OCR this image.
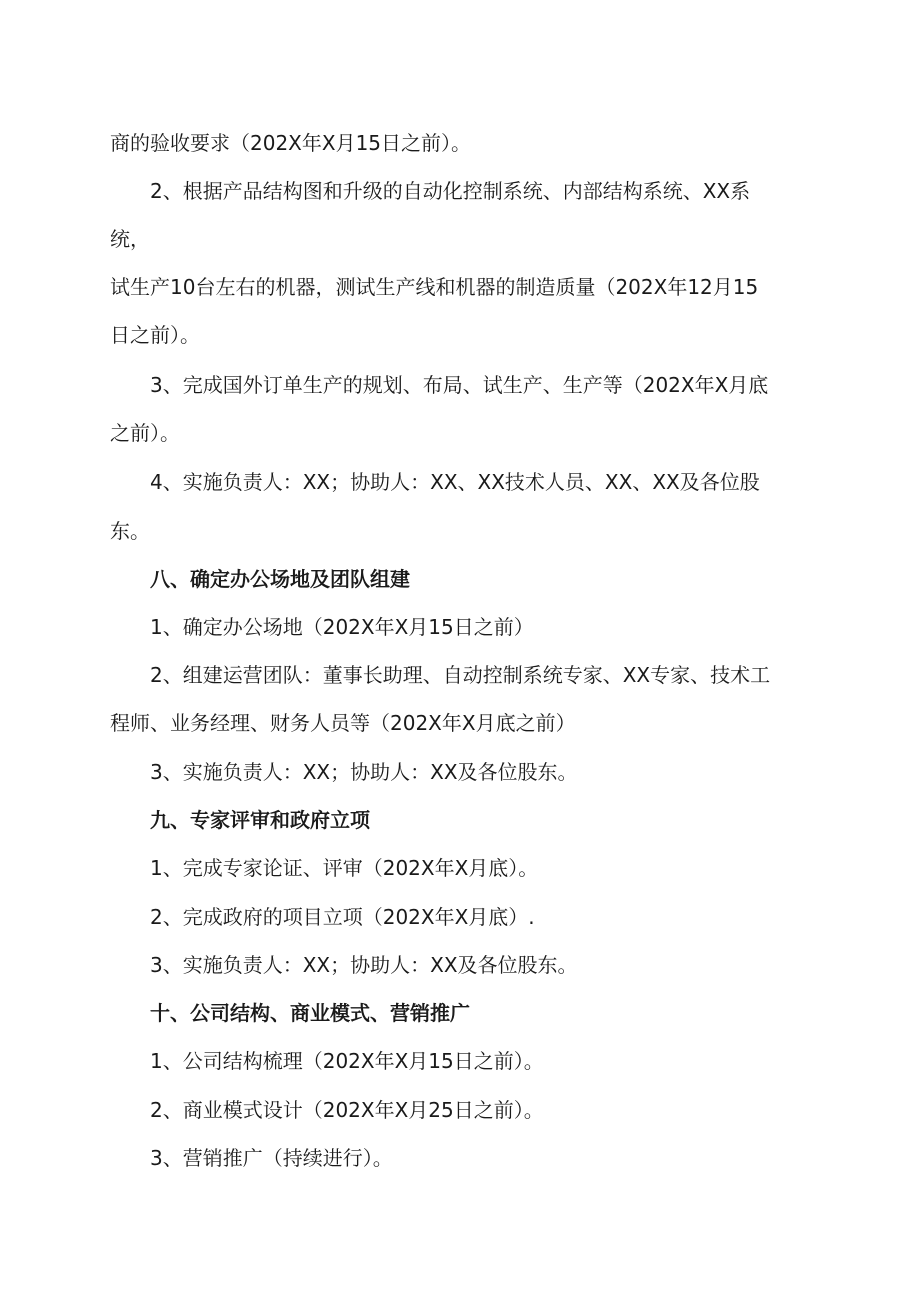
商的验收要求（202X年X月15日之前）。
2、根据产品结构图和升级的自动化控制系统、内部结构系统、XX系
统，
试生产10台左右的机器，测试生产线和机器的制造质量（202X年12月15
日之前）。
3、完成国外订单生产的规划、布局、试生产、生产等（202X年X月底
之前）。
4、实施负责人：XX；协助人：XX、XX技术人员、XX、XX及各位股
东。
八、确定办公场地及团队组建
1、确定办公场地（202X年X月15日之前）
2、组建运营团队：董事长助理、自动控制系统专家、XX专家、技术工
程师、业务经理、财务人员等（202X年X月底之前）
3、实施负责人：XX；协助人：XX及各位股东。
九、专家评审和政府立项
1、完成专家论证、评审（202X年X月底）。
2、完成政府的项目立项（202X年X月底）.
3、实施负责人：XX；协助人：XX及各位股东。
十、公司结构、商业模式、营销推广
1、公司结构梳理（202X年X月15日之前）。
2、商业模式设计（202X年X月25日之前）。
3、营销推广（持续进行）。
